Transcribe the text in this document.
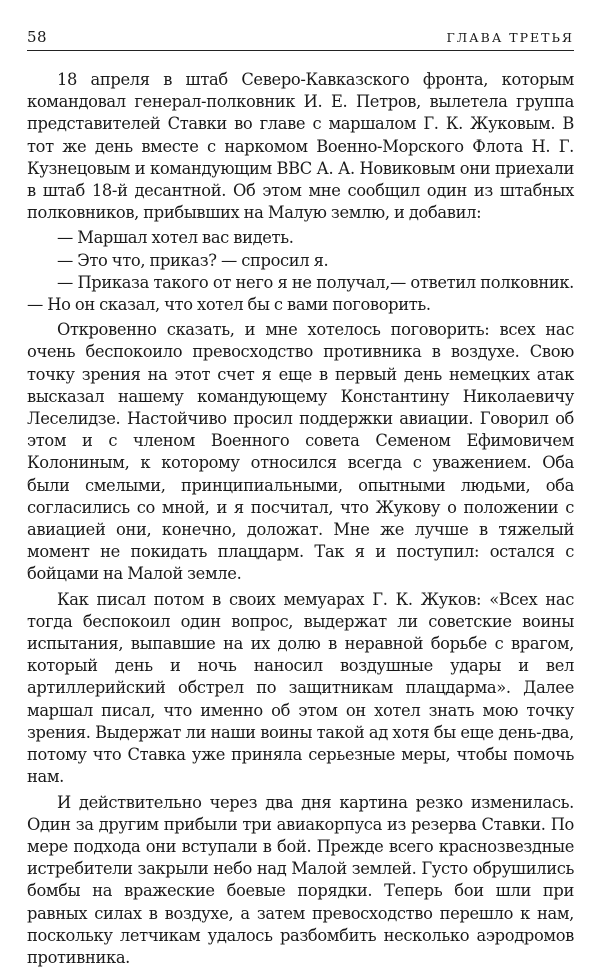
58	ГЛАВА ТРЕТЬЯ

18 апреля в штаб Северо-Кавказского фронта, которым командовал генерал-полковник И. Е. Петров, вылетела группа представителей Ставки во главе с маршалом Г. К. Жуковым. В тот же день вместе с наркомом Военно-Морского Флота Н. Г. Кузнецовым и командующим ВВС А. А. Новиковым они приехали в штаб 18-й десантной. Об этом мне сообщил один из штабных полковников, прибывших на Малую землю, и добавил:

— Маршал хотел вас видеть.

— Это что, приказ? — спросил я.

— Приказа такого от него я не получал,— ответил полковник.— Но он сказал, что хотел бы с вами поговорить.

Откровенно сказать, и мне хотелось поговорить: всех нас очень беспокоило превосходство противника в воздухе. Свою точку зрения на этот счет я еще в первый день немецких атак высказал нашему командующему Константину Николаевичу Леселидзе. Настойчиво просил поддержки авиации. Говорил об этом и с членом Военного совета Семеном Ефимовичем Колониным, к которому относился всегда с уважением. Оба были смелыми, принципиальными, опытными людьми, оба согласились со мной, и я посчитал, что Жукову о положении с авиацией они, конечно, доложат. Мне же лучше в тяжелый момент не покидать плацдарм. Так я и поступил: остался с бойцами на Малой земле.

Как писал потом в своих мемуарах Г. К. Жуков: «Всех нас тогда беспокоил один вопрос, выдержат ли советские воины испытания, выпавшие на их долю в неравной борьбе с врагом, который день и ночь наносил воздушные удары и вел артиллерийский обстрел по защитникам плацдарма». Далее маршал писал, что именно об этом он хотел знать мою точку зрения. Выдержат ли наши воины такой ад хотя бы еще день-два, потому что Ставка уже приняла серьезные меры, чтобы помочь нам.

И действительно через два дня картина резко изменилась. Один за другим прибыли три авиакорпуса из резерва Ставки. По мере подхода они вступали в бой. Прежде всего краснозвездные истребители закрыли небо над Малой землей. Густо обрушились бомбы на вражеские боевые порядки. Теперь бои шли при равных силах в воздухе, а затем превосходство перешло к нам, поскольку летчикам удалось разбомбить несколько аэродромов противника.
